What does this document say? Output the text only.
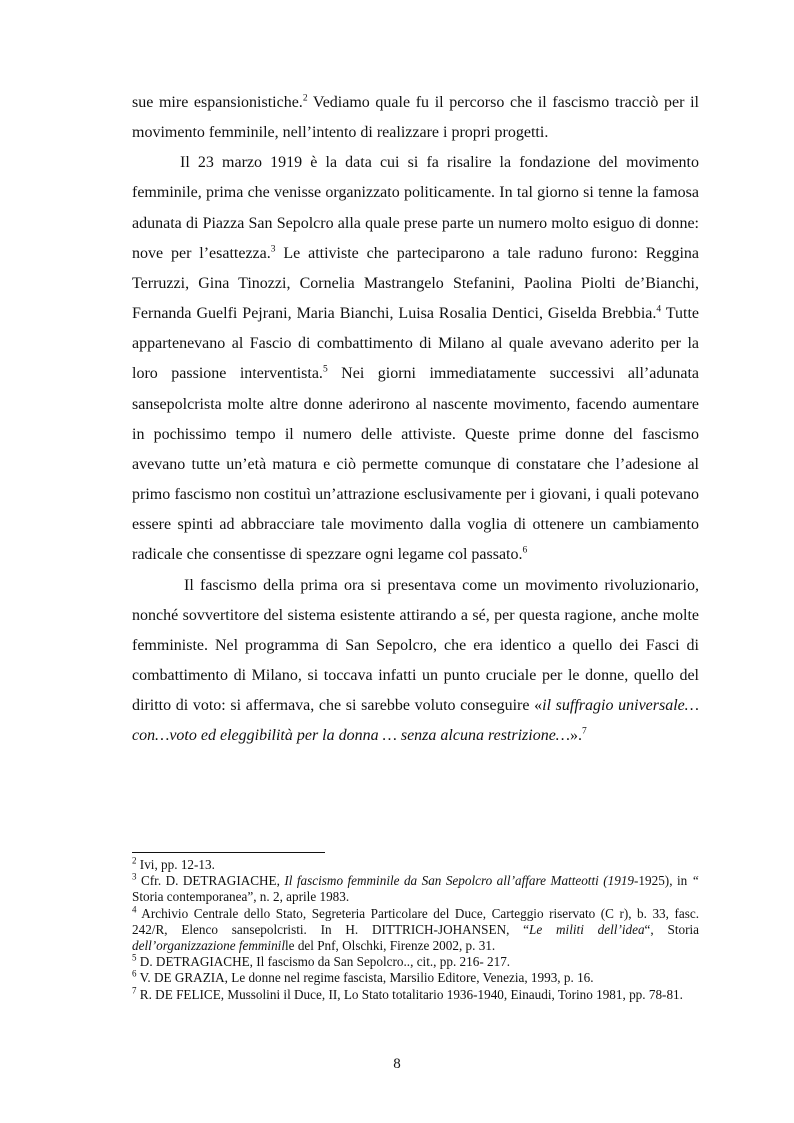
sue mire espansionistiche.$^2$ Vediamo quale fu il percorso che il fascismo tracciò per il movimento femminile, nell’intento di realizzare i propri progetti.

Il 23 marzo 1919 è la data cui si fa risalire la fondazione del movimento femminile, prima che venisse organizzato politicamente. In tal giorno si tenne la famosa adunata di Piazza San Sepolcro alla quale prese parte un numero molto esiguo di donne: nove per l’esattezza.$^3$ Le attiviste che parteciparono a tale raduno furono: Reggina Terruzzi, Gina Tinozzi, Cornelia Mastrangelo Stefanini, Paolina Piolti de’Bianchi, Fernanda Guelfi Pejrani, Maria Bianchi, Luisa Rosalia Dentici, Giselda Brebbia.$^4$ Tutte appartenevano al Fascio di combattimento di Milano al quale avevano aderito per la loro passione interventista.$^5$ Nei giorni immediatamente successivi all’adunata sansepolcrista molte altre donne aderirono al nascente movimento, facendo aumentare in pochissimo tempo il numero delle attiviste. Queste prime donne del fascismo avevano tutte un’età matura e ciò permette comunque di constatare che l’adesione al primo fascismo non costituì un’attrazione esclusivamente per i giovani, i quali potevano essere spinti ad abbracciare tale movimento dalla voglia di ottenere un cambiamento radicale che consentisse di spezzare ogni legame col passato.$^6$

Il fascismo della prima ora si presentava come un movimento rivoluzionario, nonché sovvertitore del sistema esistente attirando a sé, per questa ragione, anche molte femministe. Nel programma di San Sepolcro, che era identico a quello dei Fasci di combattimento di Milano, si toccava infatti un punto cruciale per le donne, quello del diritto di voto: si affermava, che si sarebbe voluto conseguire «il suffragio universale…con…voto ed eleggibilità per la donna … senza alcuna restrizione…».$^7$

$^2$ Ivi, pp. 12-13.

$^3$ Cfr. D. DETRAGIACHE, Il fascismo femminile da San Sepolcro all’affare Matteotti (1919-1925), in “ Storia contemporanea”, n. 2, aprile 1983.

$^4$ Archivio Centrale dello Stato, Segreteria Particolare del Duce, Carteggio riservato (C r), b. 33, fasc. 242/R, Elenco sansepolcristi. In H. DITTRICH-JOHANSEN, “Le militi dell’idea“, Storia dell’organizzazione femminille del Pnf, Olschki, Firenze 2002, p. 31.

$^5$ D. DETRAGIACHE, Il fascismo da San Sepolcro.., cit., pp. 216- 217.

$^6$ V. DE GRAZIA, Le donne nel regime fascista, Marsilio Editore, Venezia, 1993, p. 16.

$^7$ R. DE FELICE, Mussolini il Duce, II, Lo Stato totalitario 1936-1940, Einaudi, Torino 1981, pp. 78-81.

8
